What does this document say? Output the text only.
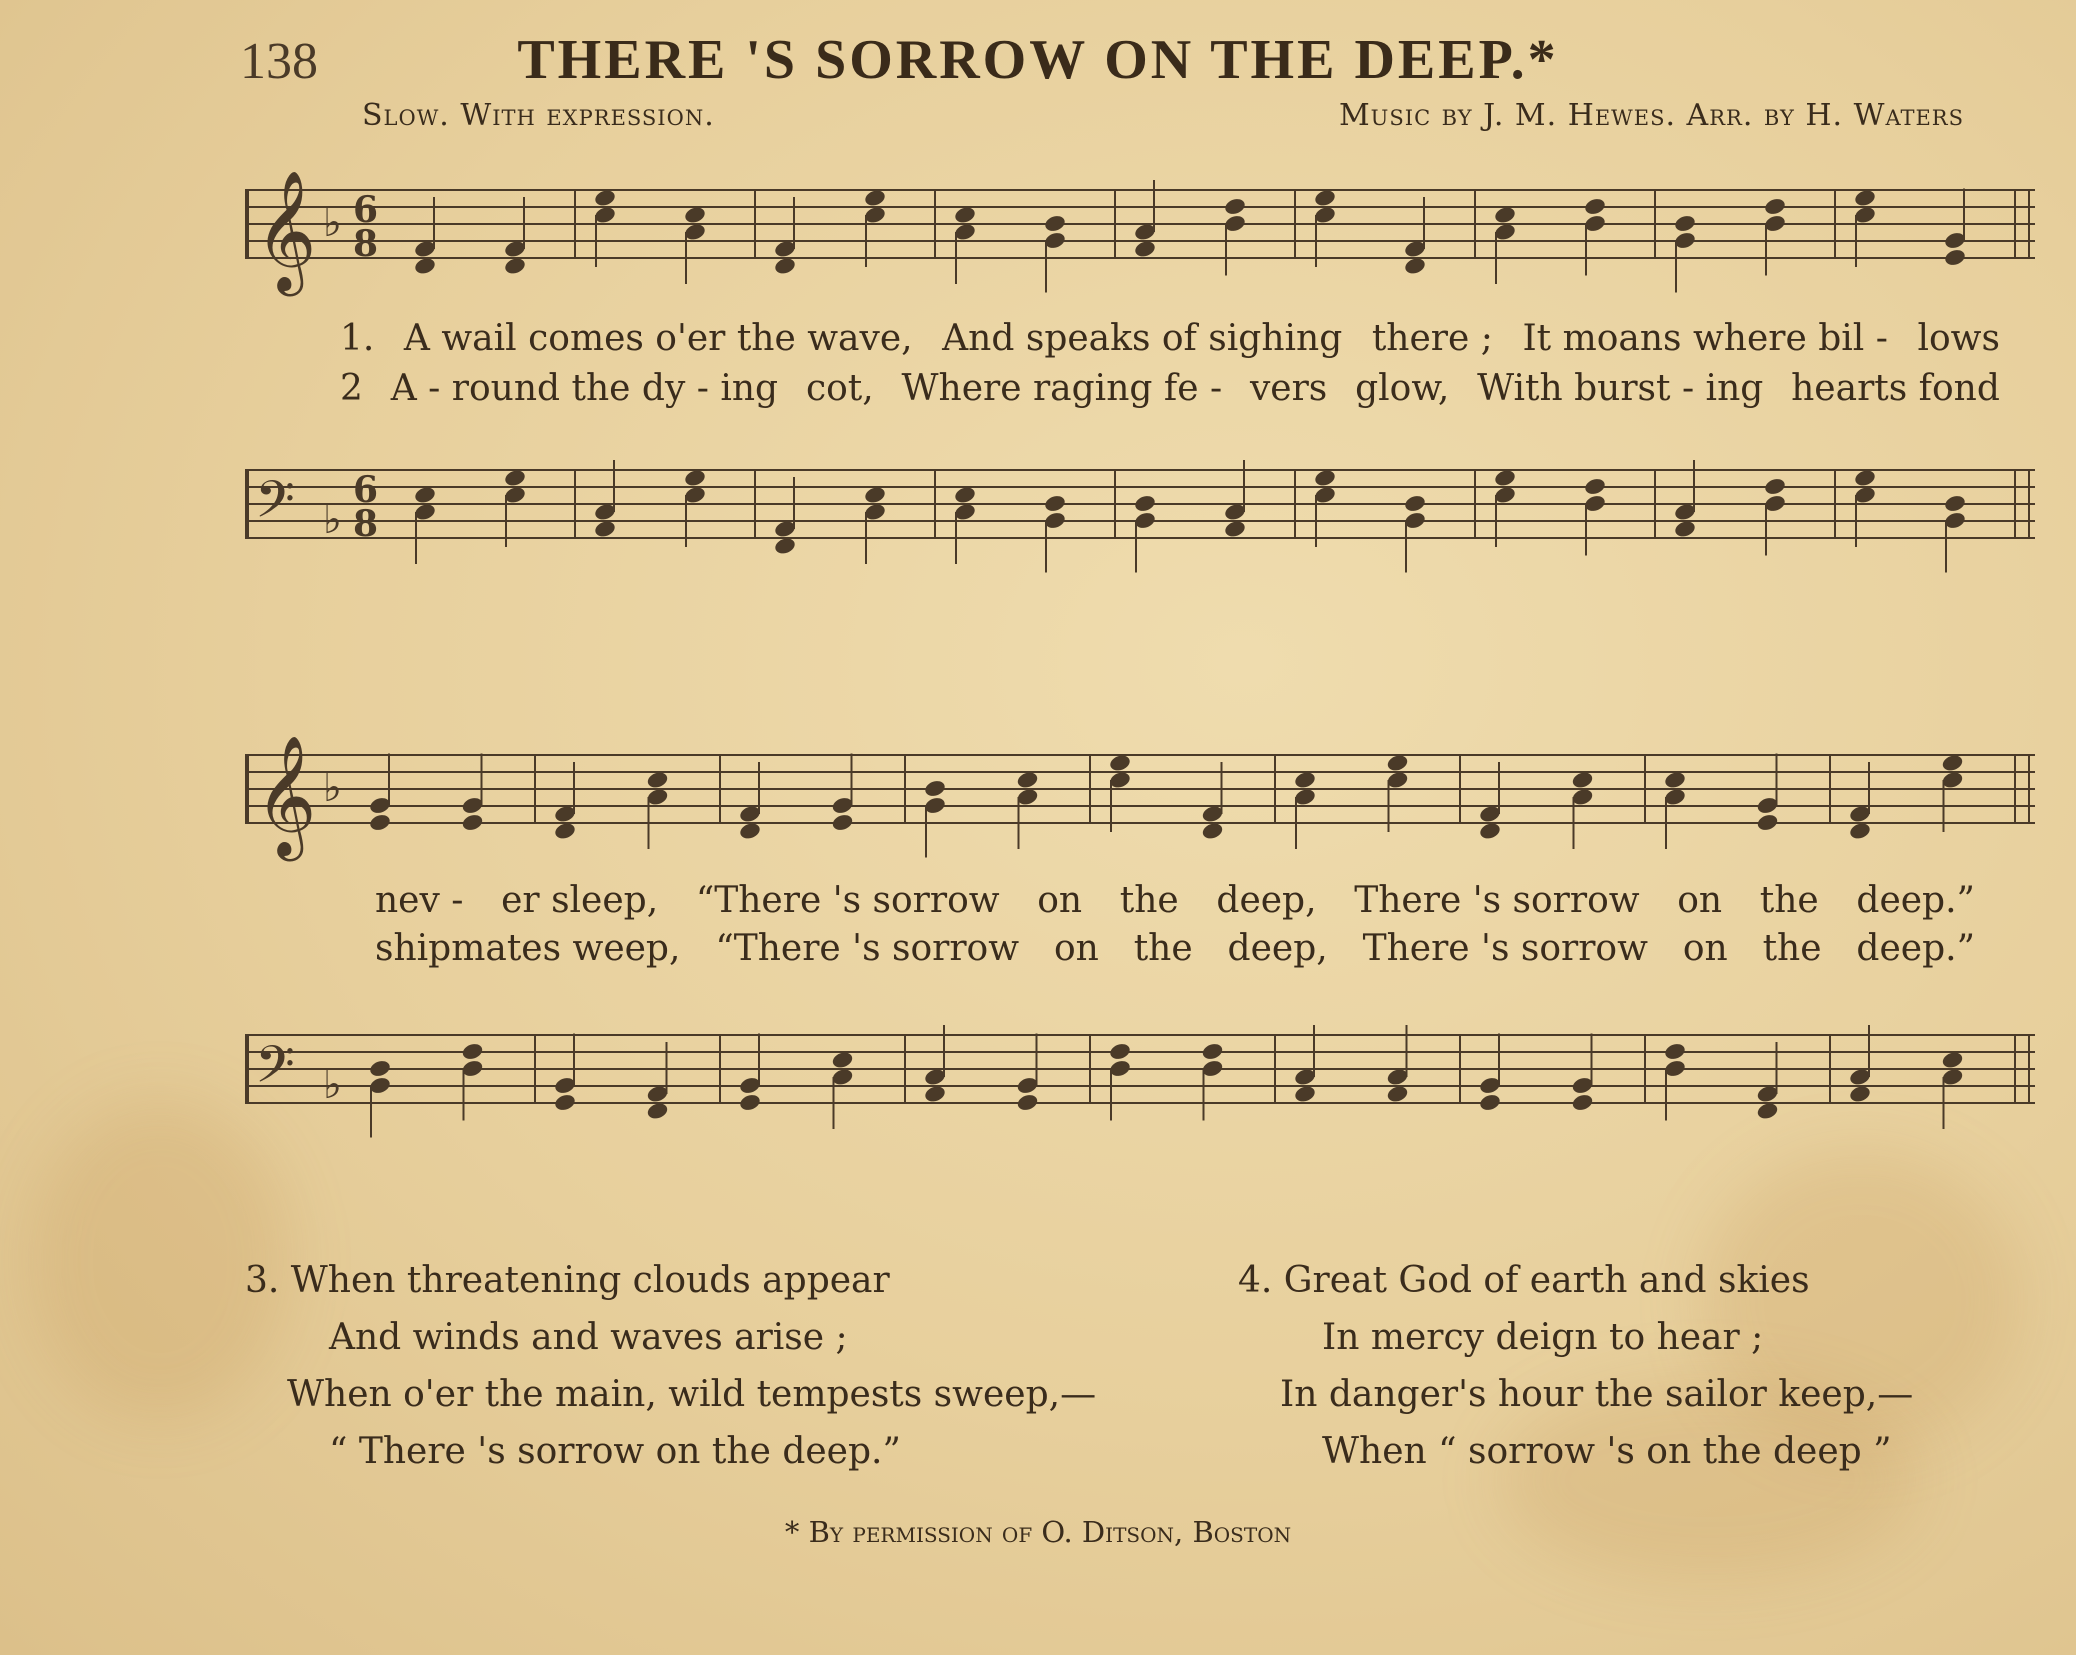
138	THERE 'S SORROW ON THE DEEP.*
Slow. With expression.	Music by J. M. Hewes. Arr. by H. Waters
𝄞 ♭ 6
8
𝄢 ♭
6
8
𝄞 ♭
𝄢 ♭
1. A wail comes o'er the wave, And speaks of sighing there ; It moans where bil - lows
2 A - round the dy - ing cot, Where raging fe - vers glow, With burst - ing hearts fond
nev - er sleep, “There 's sorrow on the deep, There 's sorrow on the deep.”
shipmates weep, “There 's sorrow on the deep, There 's sorrow on the deep.”
3. When threatening clouds appear
And winds and waves arise ;
When o'er the main, wild tempests sweep,—
“ There 's sorrow on the deep.”
4. Great God of earth and skies
In mercy deign to hear ;
In danger's hour the sailor keep,—
When “ sorrow 's on the deep ”
* By permission of O. Ditson, Boston
